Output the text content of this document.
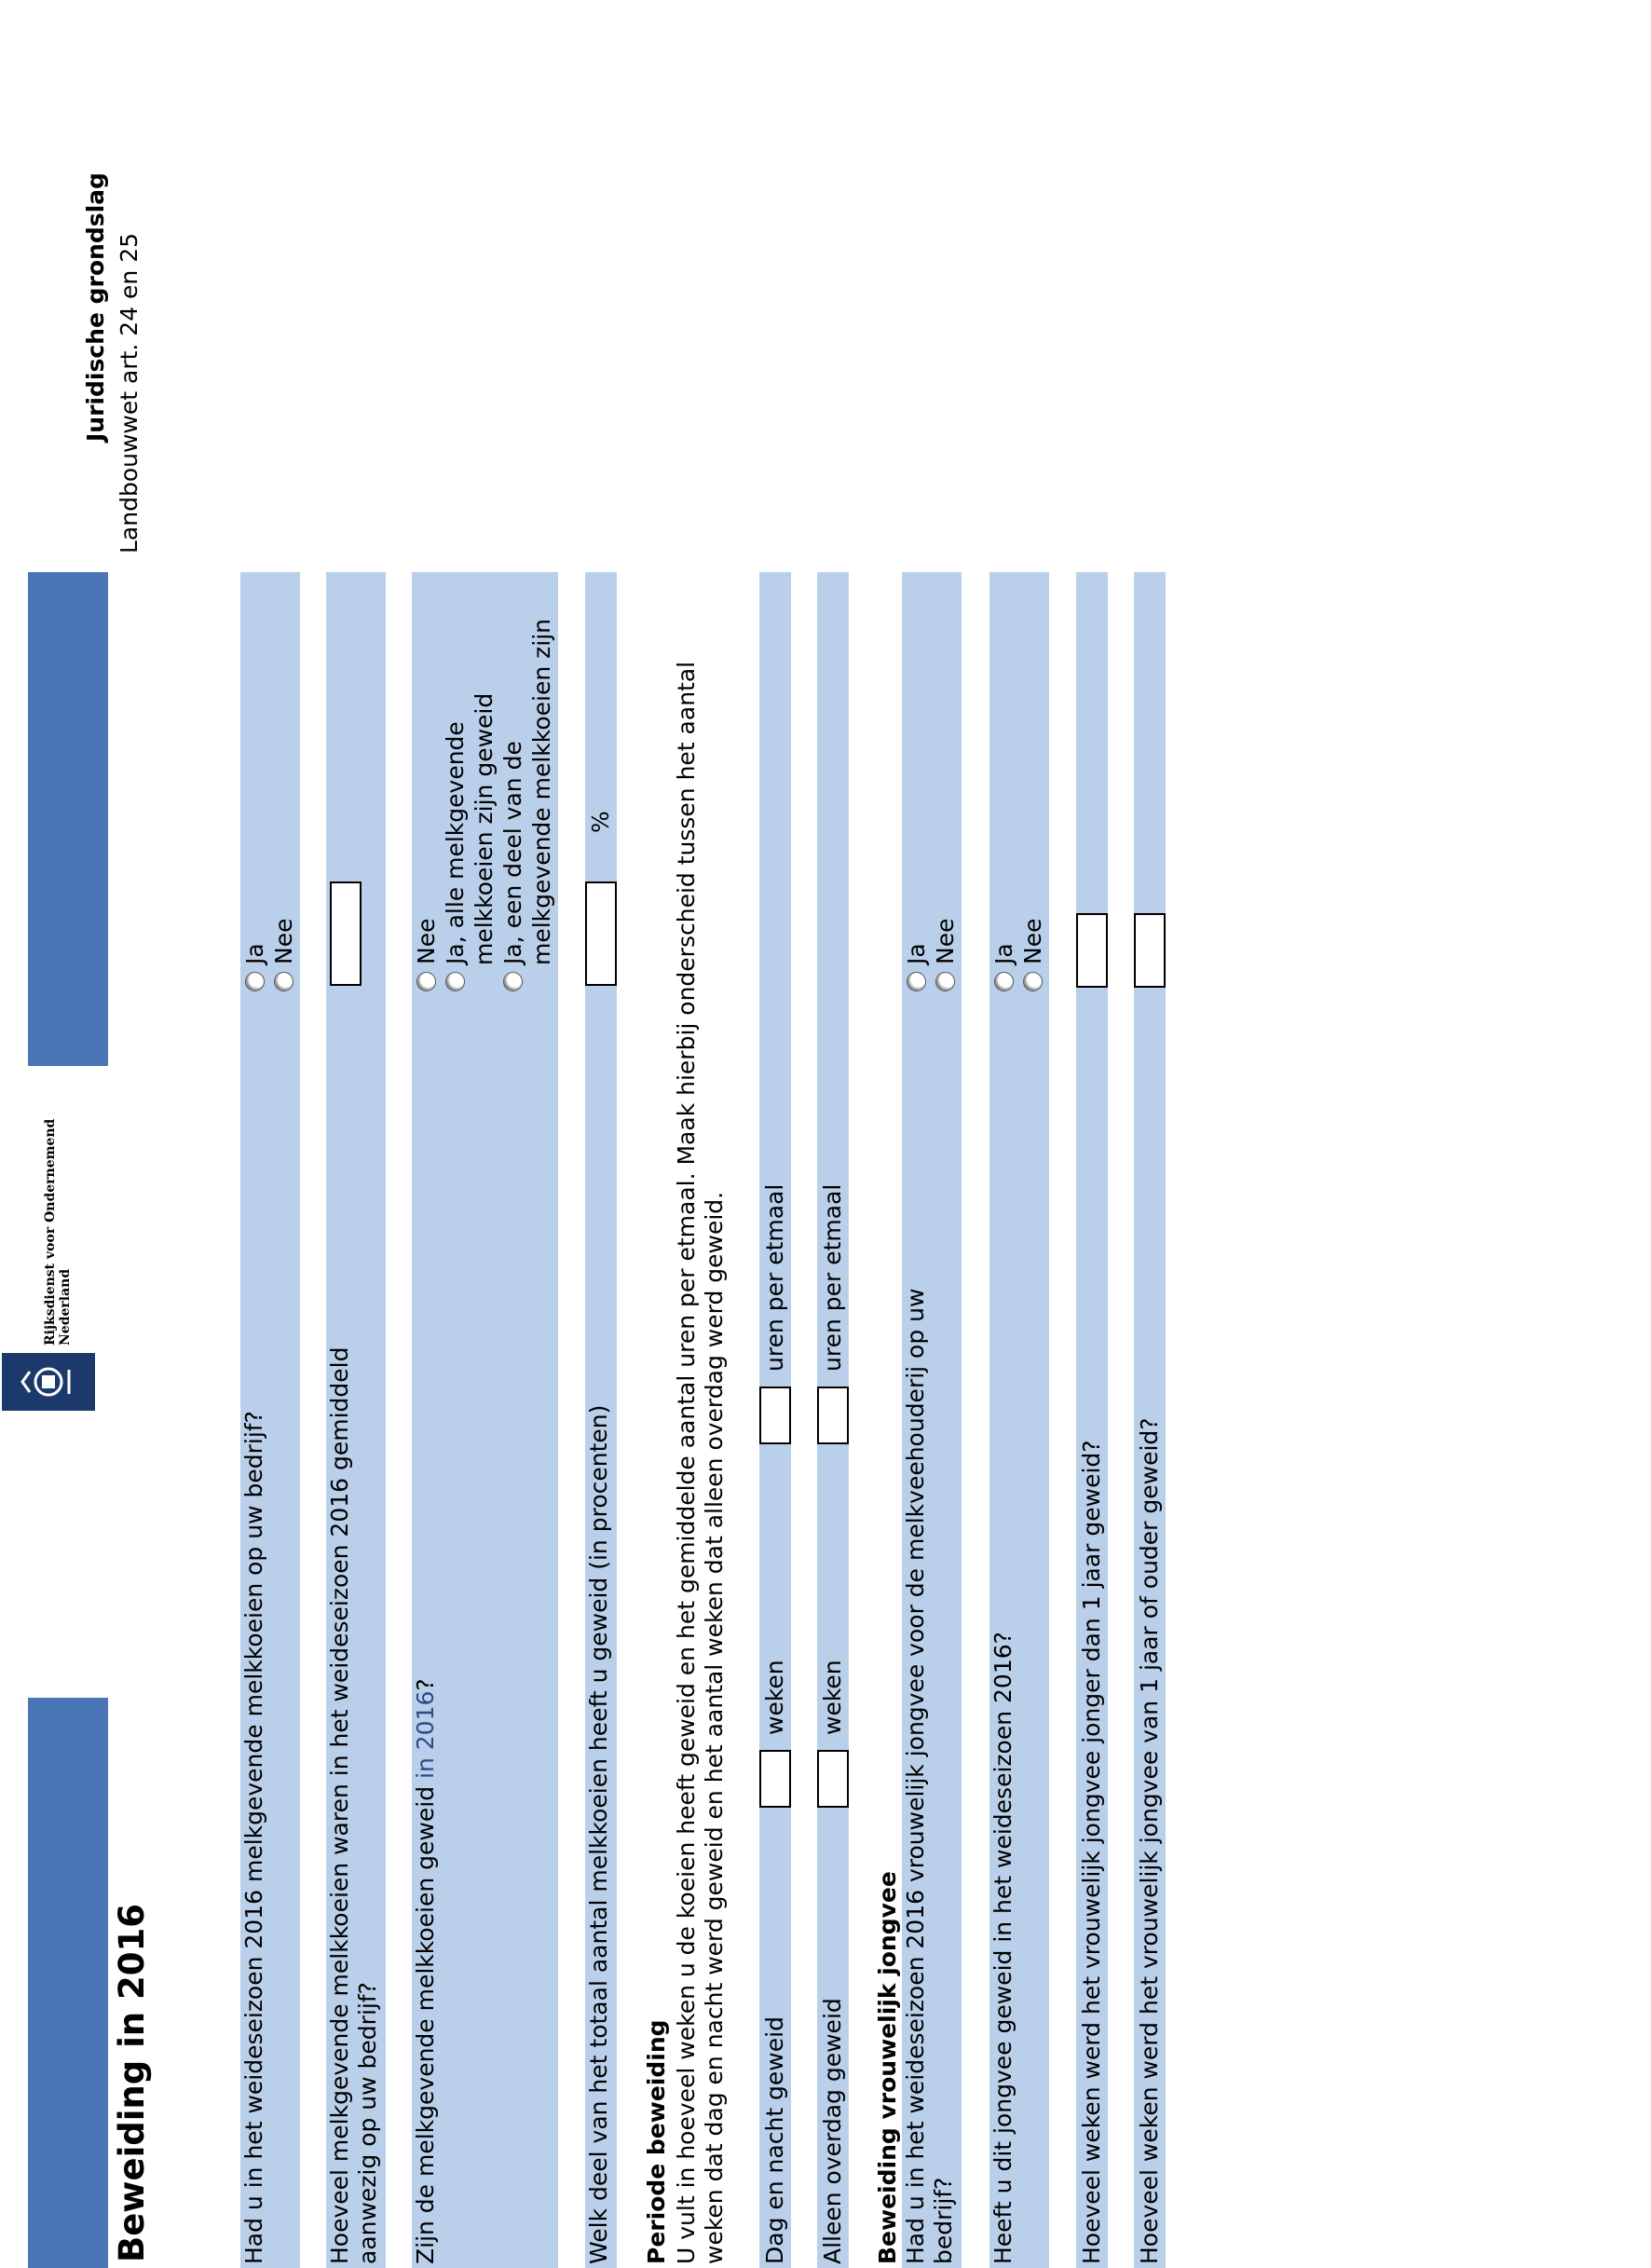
Rijksdienst voor Ondernemend Nederland
Juridische grondslag Landbouwwet art. 24 en 25
Beweiding in 2016	Had u in het weideseizoen 2016 melkgevende melkkoeien op uw bedrijf?
Ja Nee
Hoeveel melkgevende melkkoeien waren in het weideseizoen 2016 gemiddeld aanwezig op uw bedrijf? Zijn de melkgevende melkkoeien geweid in 2016?
Nee Ja, alle melkgevende melkkoeien zijn geweid Ja, een deel van de melkgevende melkkoeien zijn
Welk deel van het totaal aantal melkkoeien heeft u geweid (in procenten)
%
Periode beweiding U vult in hoeveel weken u de koeien heeft geweid en het gemiddelde aantal uren per etmaal. Maak hierbij onderscheid tussen het aantal weken dat dag en nacht werd geweid en het aantal weken dat alleen overdag werd geweid. Dag en nacht geweid
weken
uren per etmaal
Alleen overdag geweid
weken
uren per etmaal
Beweiding vrouwelijk jongvee Had u in het weideseizoen 2016 vrouwelijk jongvee voor de melkveehouderij op uw bedrijf?
Ja Nee
Heeft u dit jongvee geweid in het weideseizoen 2016?
Ja Nee
Hoeveel weken werd het vrouwelijk jongvee jonger dan 1 jaar geweid? Hoeveel weken werd het vrouwelijk jongvee van 1 jaar of ouder geweid?
